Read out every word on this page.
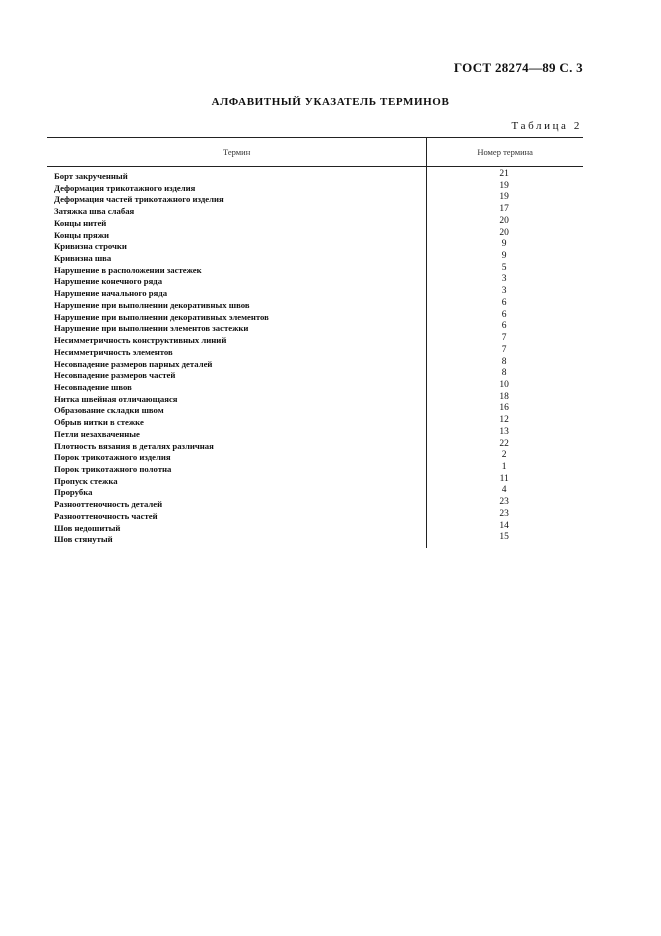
ГОСТ 28274—89 С. 3
АЛФАВИТНЫЙ УКАЗАТЕЛЬ ТЕРМИНОВ
Таблица 2
Термин	Номер термина
Борт закрученный
Деформация трикотажного изделия
Деформация частей трикотажного изделия
Затяжка шва слабая
Концы нитей
Концы пряжи
Кривизна строчки
Кривизна шва
Нарушение в расположении застежек
Нарушение конечного ряда
Нарушение начального ряда
Нарушение при выполнении декоративных швов
Нарушение при выполнении декоративных элементов
Нарушение при выполнении элементов застежки
Несимметричность конструктивных линий
Несимметричность элементов
Несовпадение размеров парных деталей
Несовпадение размеров частей
Несовпадение швов
Нитка швейная отличающаяся
Образование складки швом
Обрыв нитки в стежке
Петли незахваченные
Плотность вязания в деталях различная
Порок трикотажного изделия
Порок трикотажного полотна
Пропуск стежка
Прорубка
Разнооттеночность деталей
Разнооттеночность частей
Шов недошитый
Шов стянутый
21
19
19
17
20
20
9
9
5
3
3
6
6
6
7
7
8
8
10
18
16
12
13
22
2
1
11
4
23
23
14
15
